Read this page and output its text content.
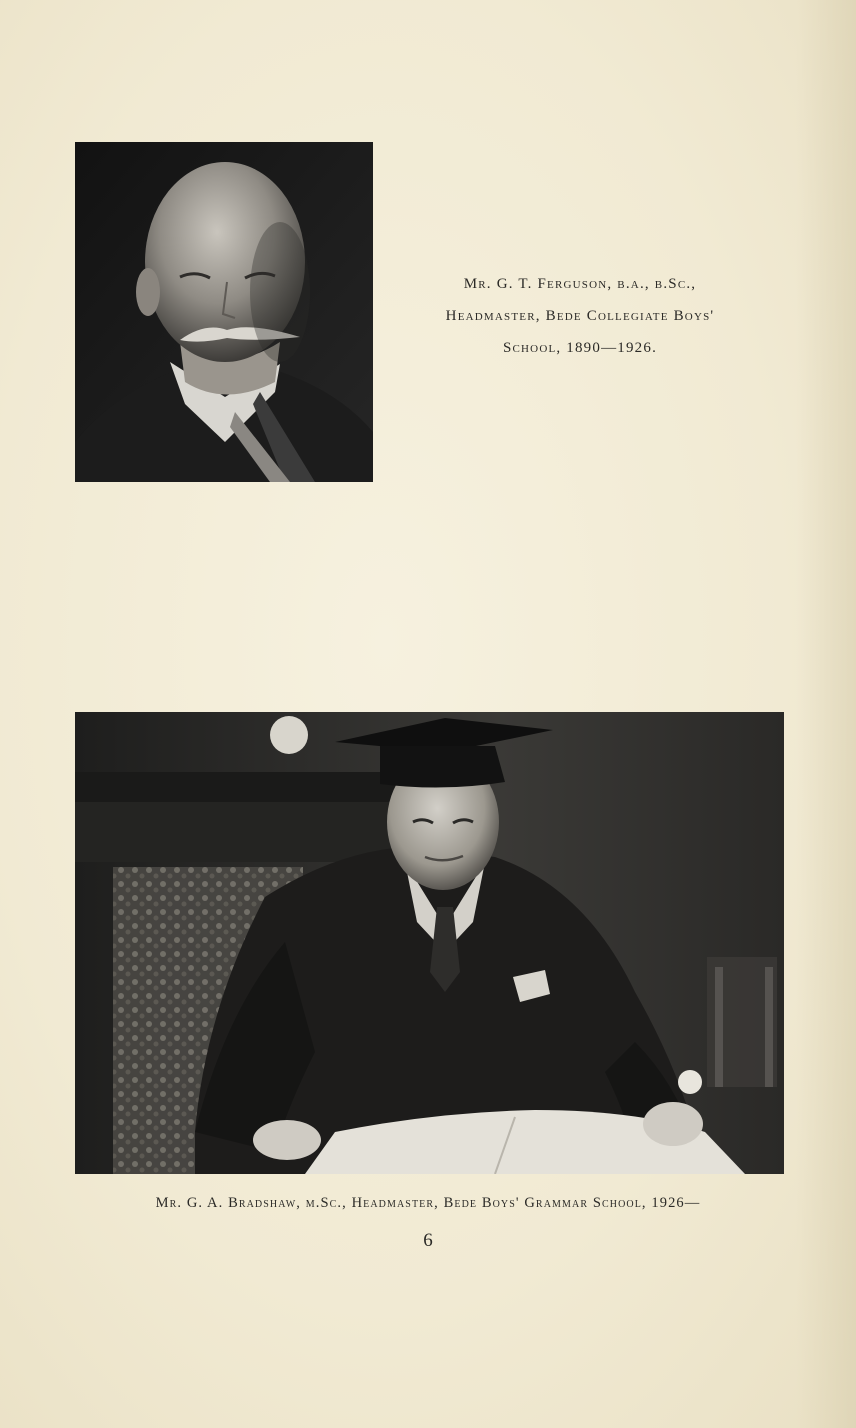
Mr. G. T. Ferguson, b.a., b.Sc.,
Headmaster, Bede Collegiate Boys'
School, 1890—1926.
Mr. G. A. Bradshaw, m.Sc., Headmaster, Bede Boys' Grammar School, 1926—
6
